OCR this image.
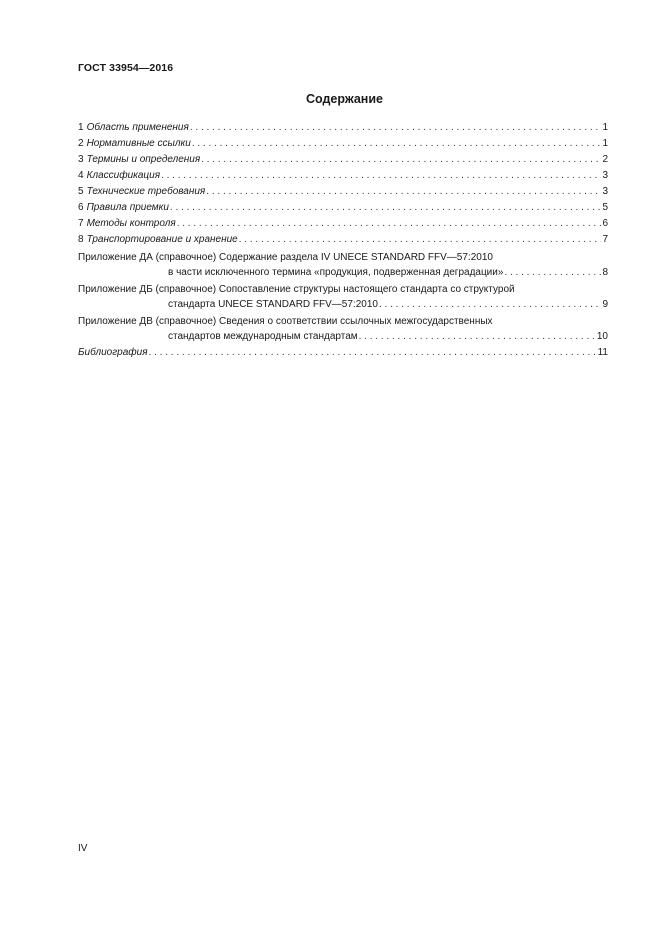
ГОСТ 33954—2016
Содержание
1 Область применения . . .	1
2 Нормативные ссылки . . .	1
3 Термины и определения . . .	2
4 Классификация . . .	3
5 Технические требования . . .	3
6 Правила приемки . . .	5
7 Методы контроля . . .	6
8 Транспортирование и хранение . . .	7
Приложение ДА (справочное) Содержание раздела IV UNECE STANDARD FFV—57:2010
в части исключенного термина «продукция, подверженная деградации» . . .	8
Приложение ДБ (справочное) Сопоставление структуры настоящего стандарта со структурой
стандарта UNECE STANDARD FFV—57:2010 . . .	9
Приложение ДВ (справочное) Сведения о соответствии ссылочных межгосударственных
стандартов международным стандартам . . .	10
Библиография . . .	11
IV
